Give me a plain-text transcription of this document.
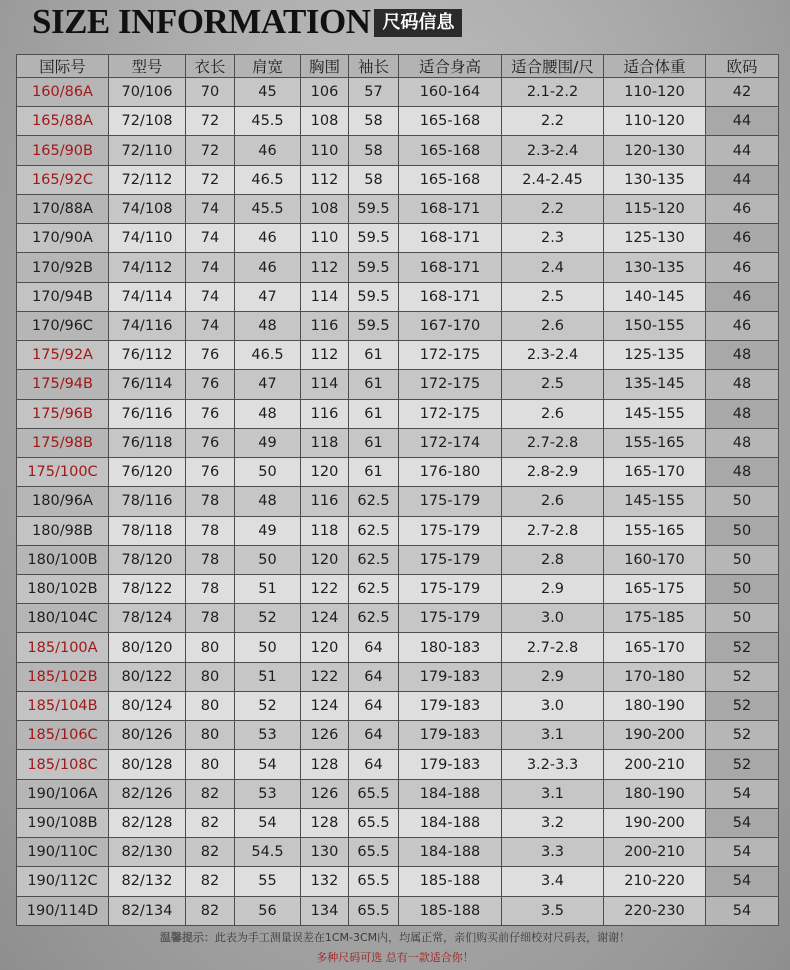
SIZE INFORMATION 尺码信息
国际号	型号	衣长	肩宽	胸围	袖长	适合身高	适合腰围/尺	适合体重	欧码
160/86A	70/106	70	45	106	57	160-164	2.1-2.2	110-120	42
165/88A	72/108	72	45.5	108	58	165-168	2.2	110-120	44
165/90B	72/110	72	46	110	58	165-168	2.3-2.4	120-130	44
165/92C	72/112	72	46.5	112	58	165-168	2.4-2.45	130-135	44
170/88A	74/108	74	45.5	108	59.5	168-171	2.2	115-120	46
170/90A	74/110	74	46	110	59.5	168-171	2.3	125-130	46
170/92B	74/112	74	46	112	59.5	168-171	2.4	130-135	46
170/94B	74/114	74	47	114	59.5	168-171	2.5	140-145	46
170/96C	74/116	74	48	116	59.5	167-170	2.6	150-155	46
175/92A	76/112	76	46.5	112	61	172-175	2.3-2.4	125-135	48
175/94B	76/114	76	47	114	61	172-175	2.5	135-145	48
175/96B	76/116	76	48	116	61	172-175	2.6	145-155	48
175/98B	76/118	76	49	118	61	172-174	2.7-2.8	155-165	48
175/100C	76/120	76	50	120	61	176-180	2.8-2.9	165-170	48
180/96A	78/116	78	48	116	62.5	175-179	2.6	145-155	50
180/98B	78/118	78	49	118	62.5	175-179	2.7-2.8	155-165	50
180/100B	78/120	78	50	120	62.5	175-179	2.8	160-170	50
180/102B	78/122	78	51	122	62.5	175-179	2.9	165-175	50
180/104C	78/124	78	52	124	62.5	175-179	3.0	175-185	50
185/100A	80/120	80	50	120	64	180-183	2.7-2.8	165-170	52
185/102B	80/122	80	51	122	64	179-183	2.9	170-180	52
185/104B	80/124	80	52	124	64	179-183	3.0	180-190	52
185/106C	80/126	80	53	126	64	179-183	3.1	190-200	52
185/108C	80/128	80	54	128	64	179-183	3.2-3.3	200-210	52
190/106A	82/126	82	53	126	65.5	184-188	3.1	180-190	54
190/108B	82/128	82	54	128	65.5	184-188	3.2	190-200	54
190/110C	82/130	82	54.5	130	65.5	184-188	3.3	200-210	54
190/112C	82/132	82	55	132	65.5	185-188	3.4	210-220	54
190/114D	82/134	82	56	134	65.5	185-188	3.5	220-230	54
温馨提示：此表为手工测量误差在1CM-3CM内，均属正常，亲们购买前仔细校对尺码表，谢谢！
多种尺码可选 总有一款适合你！
